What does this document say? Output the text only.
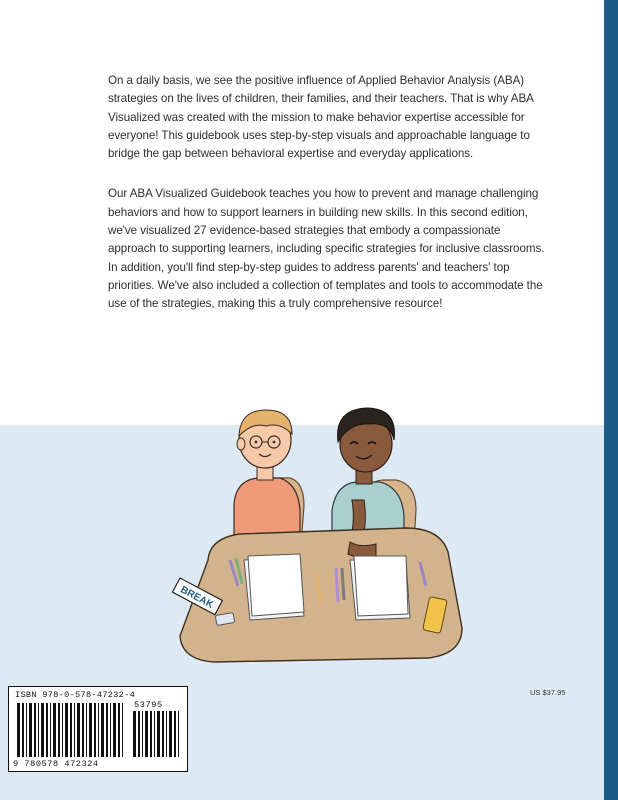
On a daily basis, we see the positive influence of Applied Behavior Analysis (ABA) strategies on the lives of children, their families, and their teachers. That is why ABA Visualized was created with the mission to make behavior expertise accessible for everyone! This guidebook uses step-by-step visuals and approachable language to bridge the gap between behavioral expertise and everyday applications.

Our ABA Visualized Guidebook teaches you how to prevent and manage challenging behaviors and how to support learners in building new skills. In this second edition, we've visualized 27 evidence-based strategies that embody a compassionate approach to supporting learners, including specific strategies for inclusive classrooms. In addition, you'll find step-by-step guides to address parents' and teachers' top priorities. We've also included a collection of templates and tools to accommodate the use of the strategies, making this a truly comprehensive resource!

BREAK
US $37.95
ISBN 978-0-578-47232-4
53795
9 780578 472324
